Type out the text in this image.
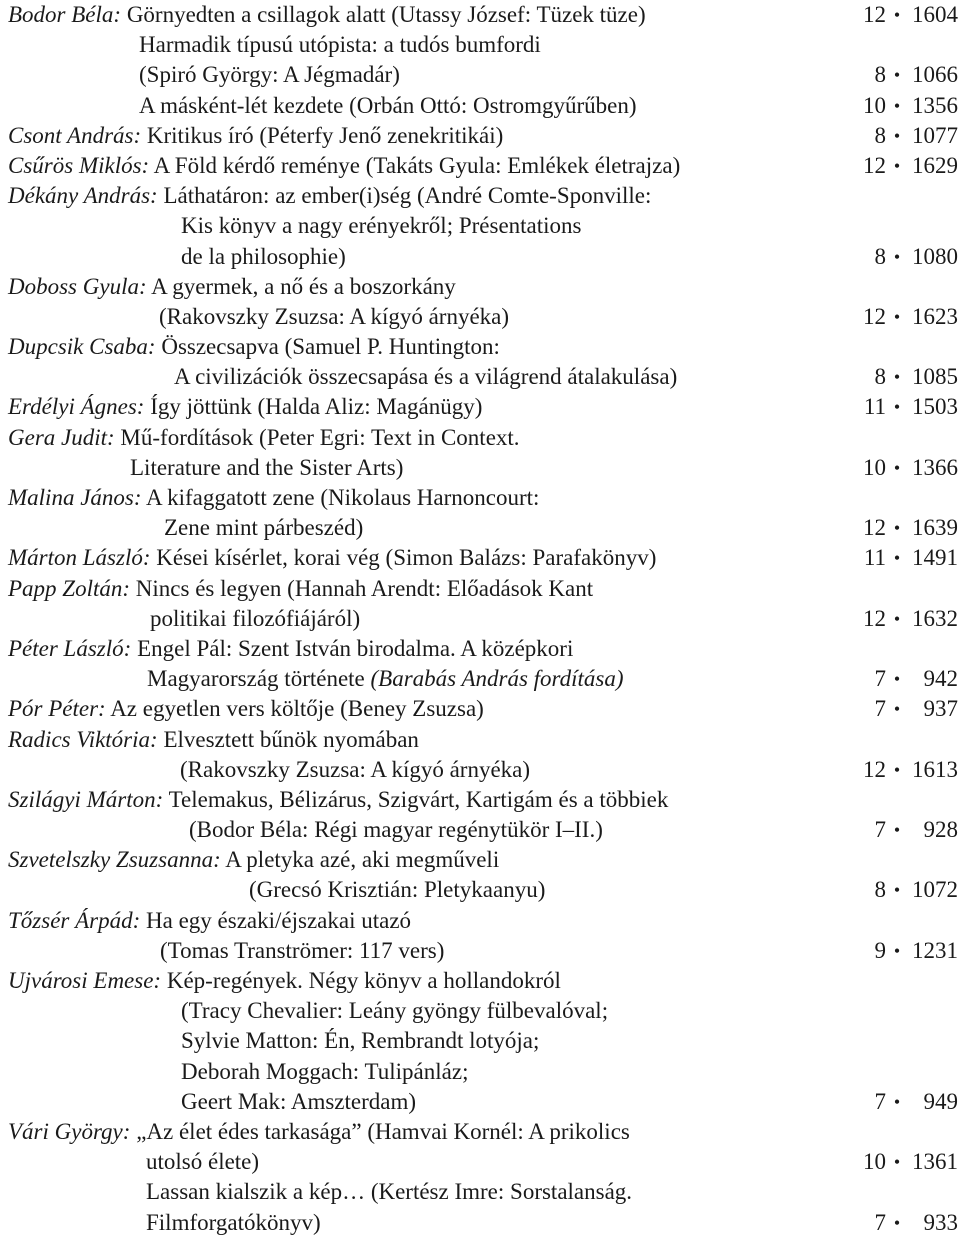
Bodor Béla: Görnyedten a csillagok alatt (Utassy József: Tüzek tüze)	12 • 1604
Harmadik típusú utópista: a tudós bumfordi
(Spiró György: A Jégmadár)	8 • 1066
A másként-lét kezdete (Orbán Ottó: Ostromgyűrűben)	10 • 1356
Csont András: Kritikus író (Péterfy Jenő zenekritikái)	8 • 1077
Csűrös Miklós: A Föld kérdő reménye (Takáts Gyula: Emlékek életrajza)	12 • 1629
Dékány András: Láthatáron: az ember(i)ség (André Comte-Sponville:
Kis könyv a nagy erényekről; Présentations
de la philosophie)	8 • 1080
Doboss Gyula: A gyermek, a nő és a boszorkány
(Rakovszky Zsuzsa: A kígyó árnyéka)	12 • 1623
Dupcsik Csaba: Összecsapva (Samuel P. Huntington:
A civilizációk összecsapása és a világrend átalakulása)	8 • 1085
Erdélyi Ágnes: Így jöttünk (Halda Aliz: Magánügy)	11 • 1503
Gera Judit: Mű-fordítások (Peter Egri: Text in Context.
Literature and the Sister Arts)	10 • 1366
Malina János: A kifaggatott zene (Nikolaus Harnoncourt:
Zene mint párbeszéd)	12 • 1639
Márton László: Kései kísérlet, korai vég (Simon Balázs: Parafakönyv)	11 • 1491
Papp Zoltán: Nincs és legyen (Hannah Arendt: Előadások Kant
politikai filozófiájáról)	12 • 1632
Péter László: Engel Pál: Szent István birodalma. A középkori
Magyarország története (Barabás András fordítása)	7 •	942
Pór Péter: Az egyetlen vers költője (Beney Zsuzsa)	7 •	937
Radics Viktória: Elvesztett bűnök nyomában
(Rakovszky Zsuzsa: A kígyó árnyéka)	12 • 1613
Szilágyi Márton: Telemakus, Bélizárus, Szigvárt, Kartigám és a többiek
(Bodor Béla: Régi magyar regénytükör I–II.)	7 •	928
Szvetelszky Zsuzsanna: A pletyka azé, aki megműveli
(Grecsó Krisztián: Pletykaanyu)	8 • 1072
Tőzsér Árpád: Ha egy északi/éjszakai utazó
(Tomas Tranströmer: 117 vers)	9 • 1231
Ujvárosi Emese: Kép-regények. Négy könyv a hollandokról
(Tracy Chevalier: Leány gyöngy fülbevalóval;
Sylvie Matton: Én, Rembrandt lotyója;
Deborah Moggach: Tulipánláz;
Geert Mak: Amszterdam)	7 •	949
Vári György: „Az élet édes tarkasága” (Hamvai Kornél: A prikolics
utolsó élete)	10 • 1361
Lassan kialszik a kép… (Kertész Imre: Sorstalanság.
Filmforgatókönyv)	7 •	933
